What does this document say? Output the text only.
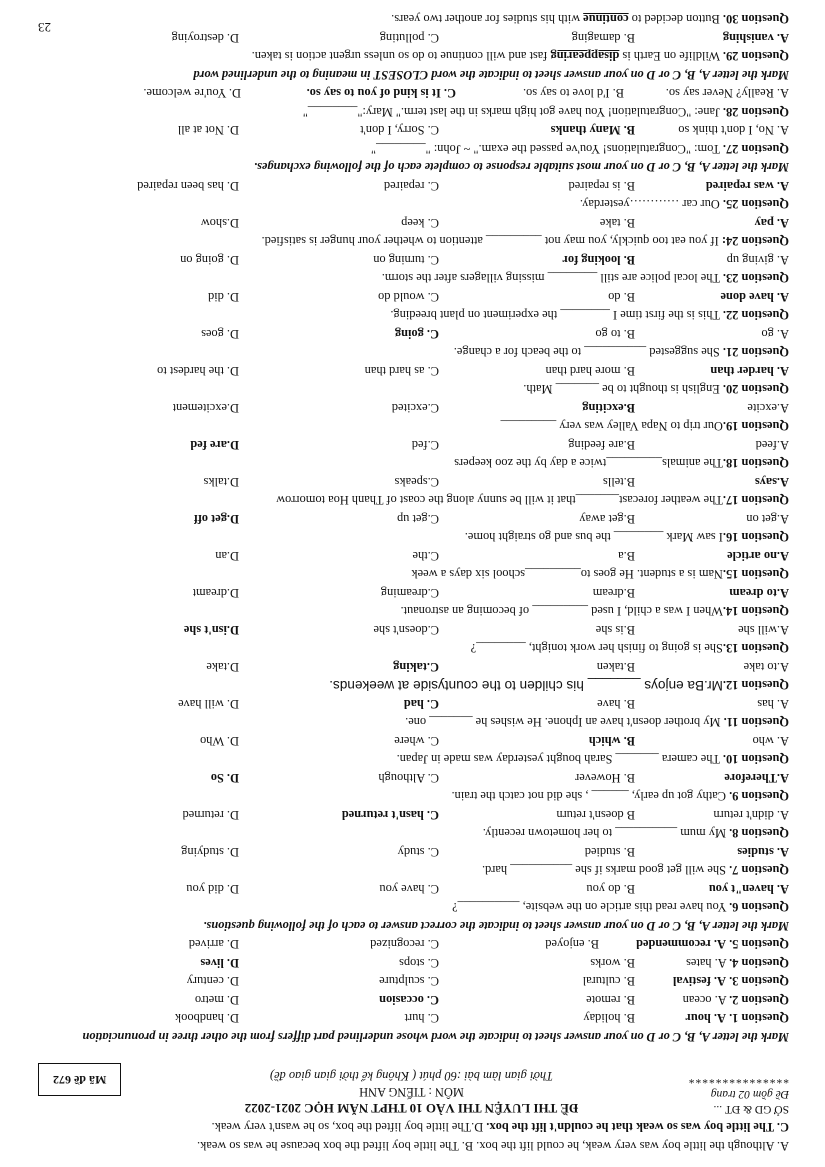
A. Although the little boy was very weak, he could lift the box. B. The little boy lifted the box because he was so weak.
C. The little boy was so weak that he couldn't lift the box. D.The little boy lifted the box, so he wasn't very weak.
SỞ GD & ĐT ...
Đề gồm 02 trang
***************
ĐỀ THI LUYỆN THI VÀO 10 THPT NĂM HỌC 2021-2022
MÔN : TIẾNG ANH
Thời gian làm bài :60 phút ( Không kể thời gian giao đề)
Mã đề 672
Mark the letter A, B, C or D on your answer sheet to indicate the word whose underlined part differs from the other three in pronunciation
Question 1. A. hour
B. holiday
C. hurt
D. handbook
Question 2. A. ocean
B. remote
C. occasion
D. metro
Question 3. A. festival
B. cultural
C. sculpture
D. century
Question 4. A. hates
B. works
C. stops
D. lives
Question 5. A. recommended
B. enjoyed
C. recognized
D. arrived
Mark the letter A, B, C or D on your answer sheet to indicate the correct answer to each of the following questions.
Question 6. You have read this article on the website, __________?
A. haven"t you
B. do you
C. have you
D. did you
Question 7. She will get good marks if she __________ hard.
A. studies
B. studied
C. study
D. studying
Question 8. My mum __________ to her hometown recently.
A. didn't return
B doesn't return
C. hasn't returned
D. returned
Question 9. Cathy got up early, ______ , she did not catch the train.
A.Therefore
B. However
C. Although
D. So
Question 10. The camera _______ Sarah bought yesterday was made in Japan.
A. who
B. which
C. where
D. Who
Question 11. My brother doesn't have an Iphone. He wishes he _______ one.
A. has
B. have
C. had
D. will have
Question 12.Mr.Ba enjoys _______ his childen to the countyside at weekends.
A.to take
B.taken
C.taking
D.take
Question 13.She is going to finish her work tonight, ________?
A.will she
B.is she
C.doesn't she
D.isn't she
Question 14.When I was a child, I used _________ of becoming an astronaut.
A.to dream
B.dream
C.dreaming
D.dreamt
Question 15.Nam is a student. He goes to_________school six days a week
A.no article
B.a
C.the
D.an
Question 16.I saw Mark ________ the bus and go straight home.
A.get on
B.get away
C.get up
D.get off
Question 17.The weather forecast_______that it will be sunny along the coast of Thanh Hoa tomorrow
A.says
B.tells
C.speaks
D.talks
Question 18.The animals_________twice a day by the zoo keepers
A.feed
B.are feeding
C.fed
D.are fed
Question 19.Our trip to Napa Valley was very _________
A.excite
B.exciting
C.excited
D.excitement
Question 20. English is thought to be _______ Math.
A. harder than
B. more hard than
C. as hard than
D. the hardest to
Question 21. She suggested __________ to the beach for a change.
A. go
B. to go
C. going
D. goes
Question 22. This is the first time I ________ the experiment on plant breeding.
A. have done
B. do
C. would do
D. did
Question 23. The local police are still ________ missing villagers after the storm.
A. giving up
B. looking for
C. turning on
D. going on
Question 24: If you eat too quickly, you may not _________ attention to whether your hunger is satisfied.
A. pay
B. take
C. keep
D.show
Question 25. Our car …………yesterday.
A. was repaired
B. is repaired
C. repaired
D. has been repaired
Mark the letter A, B, C or D on your most suitable response to complete each of the following exchanges.
Question 27. Tom: "Congratulations! You've passed the exam." ~ John: "________"
A. No, I don't think so
B. Many thanks
C. Sorry, I don't
D. Not at all
Question 28. Jane: "Congratulation! You have got high marks in the last term." Mary:"________"
A. Really? Never say so.
B. I'd love to say so.
C. It is kind of you to say so.
D. You're welcome.
Mark the letter A, B, C or D on your answer sheet to indicate the word CLOSEST in meaning to the underlined word
Question 29. Wildlife on Earth is disappearing fast and will continue to do so unless urgent action is taken.
A. vanishing
B. damaging
C. polluting
D. destroying
Question 30. Button decided to continue with his studies for another two years.
23
